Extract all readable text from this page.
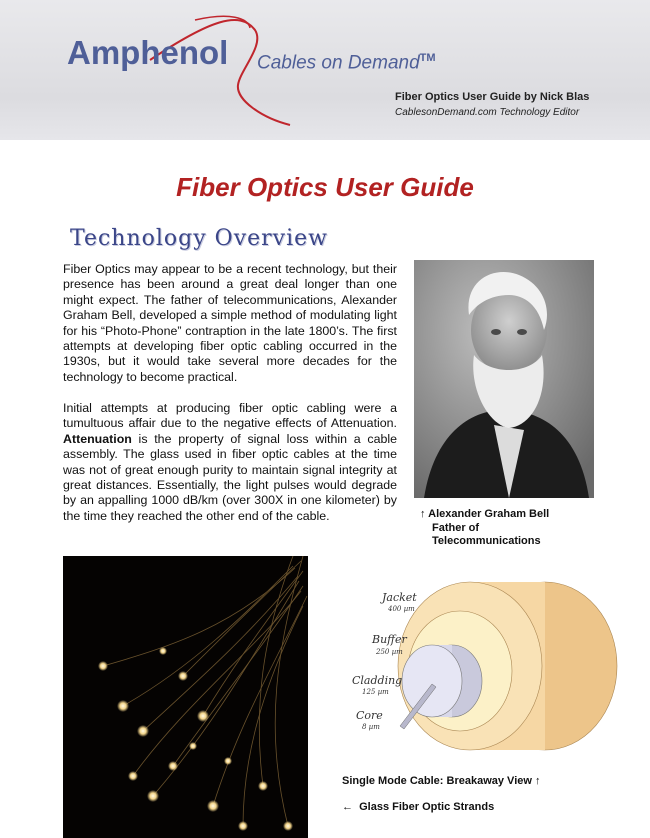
Amphenol Cables on Demand™
Fiber Optics User Guide by Nick Blas
CablesonDemand.com Technology Editor
Fiber Optics User Guide
Technology Overview
Fiber Optics may appear to be a recent technology, but their presence has been around a great deal longer than one might expect. The father of telecommunications, Alexander Graham Bell, developed a simple method of modulating light for his “Photo-Phone” contraption in the late 1800’s. The first attempts at developing fiber optic cabling occurred in the 1930s, but it would take several more decades for the technology to become practical.
Initial attempts at producing fiber optic cabling were a tumultuous affair due to the negative effects of Attenuation. Attenuation is the property of signal loss within a cable assembly. The glass used in fiber optic cables at the time was not of great enough purity to maintain signal integrity at great distances. Essentially, the light pulses would degrade by an appalling 1000 dB/km (over 300X in one kilometer) by the time they reached the other end of the cable.	↑ Alexander Graham Bell
Father of
Telecommunications
Jacket
400 µm
Buffer
250 µm
Cladding
125 µm
Core
8 µm
Single Mode Cable: Breakaway View ↑
← Glass Fiber Optic Strands
